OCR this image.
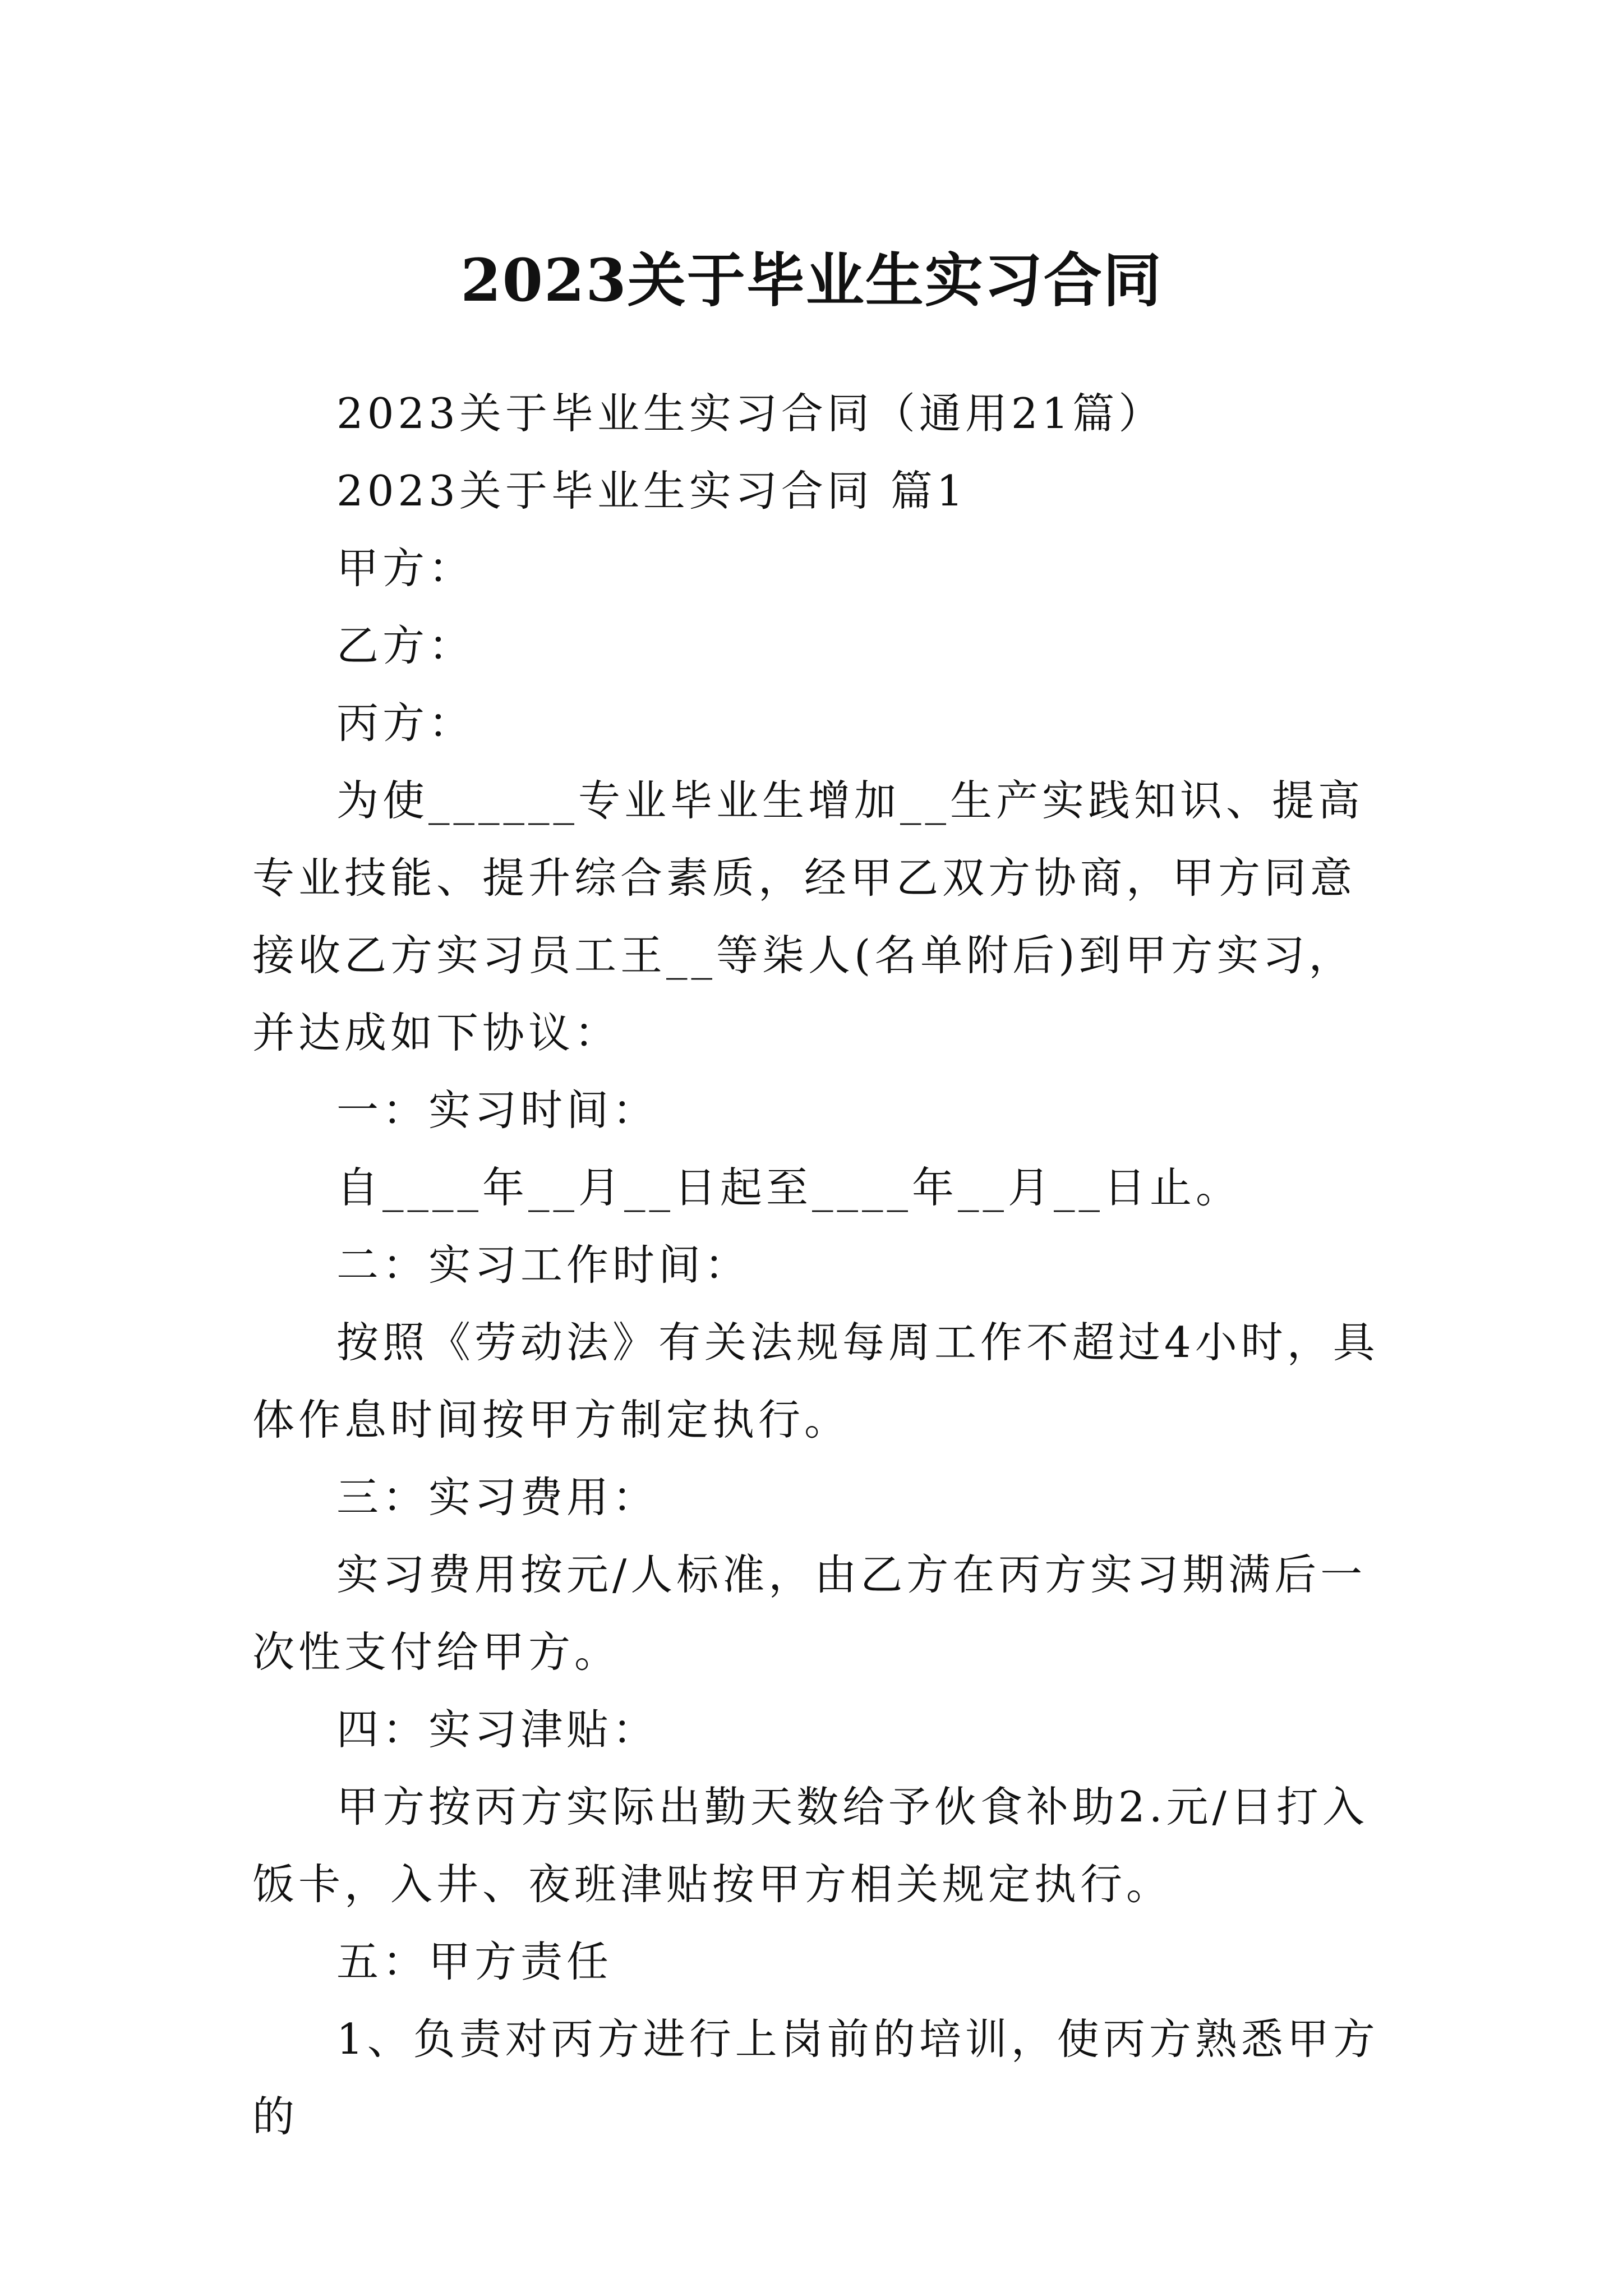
2023关于毕业生实习合同

2023关于毕业生实习合同（通用21篇）

2023关于毕业生实习合同 篇1

甲方：

乙方：

丙方：

为使______专业毕业生增加__生产实践知识、提高专业技能、提升综合素质，经甲乙双方协商，甲方同意接收乙方实习员工王__等柒人(名单附后)到甲方实习，并达成如下协议：

一：实习时间：

自____年__月__日起至____年__月__日止。

二：实习工作时间：

按照《劳动法》有关法规每周工作不超过4小时，具体作息时间按甲方制定执行。

三：实习费用：

实习费用按元/人标准，由乙方在丙方实习期满后一次性支付给甲方。

四：实习津贴：

甲方按丙方实际出勤天数给予伙食补助2.元/日打入饭卡，入井、夜班津贴按甲方相关规定执行。

五：甲方责任

1、负责对丙方进行上岗前的培训，使丙方熟悉甲方的
